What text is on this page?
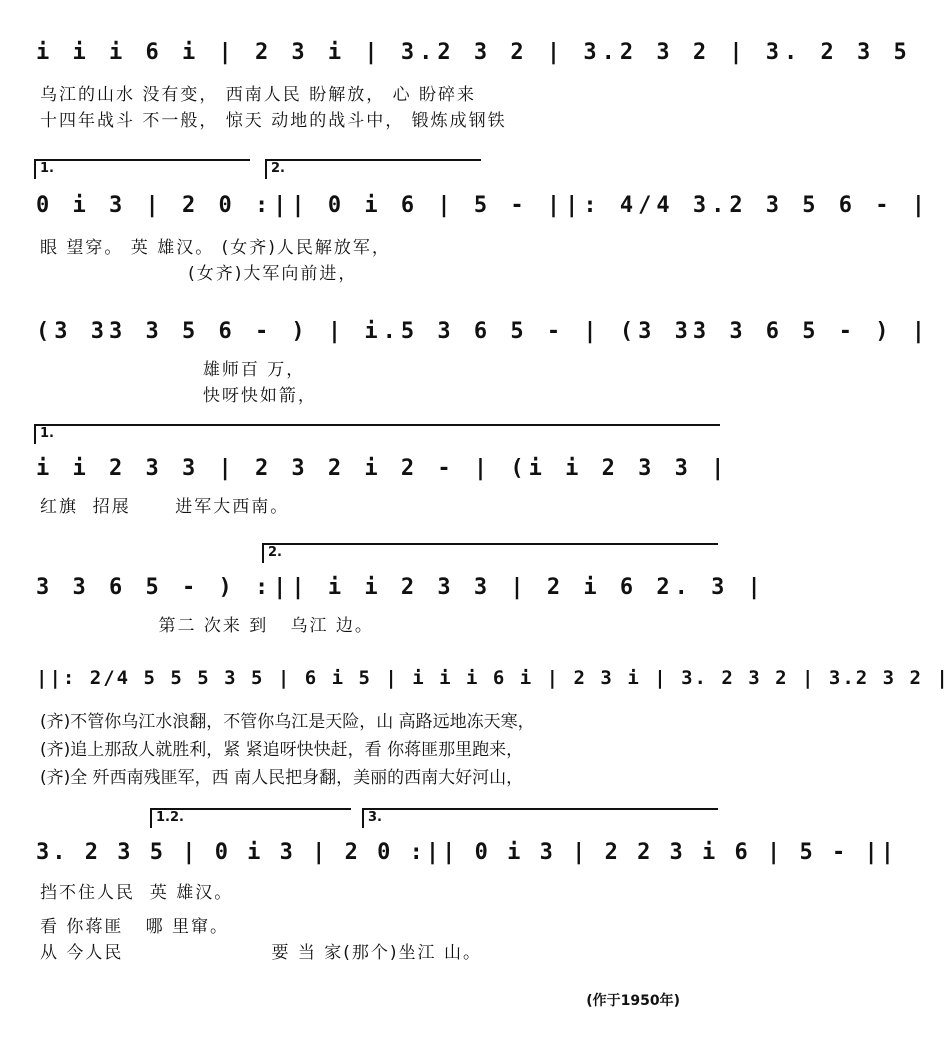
i i i 6 i | 2 3 i | 3.2 3 2 | 3.2 3 2 | 3. 2 3 5
乌江的山水 没有变， 西南人民 盼解放， 心 盼碎来
十四年战斗 不一般， 惊天 动地的战斗中， 锻炼成钢铁
1.	2.
0 i 3 | 2 0 :|| 0 i 6 | 5 - ||: 4/4 3.2 3 5 6 - |
眼 望穿。 英 雄汉。 (女齐)人民解放军，
(女齐)大军向前进，
(3 33 3 5 6 - ) | i.5 3 6 5 - | (3 33 3 6 5 - ) |
雄师百 万，
快呀快如箭，
1.
i i 2 3 3 | 2 3 2 i 2 - | (i i 2 3 3 |
红旗  招展      进军大西南。
2.
3 3 6 5 - ) :|| i i 2 3 3 | 2 i 6 2. 3 |
第二 次来 到   乌江 边。
||: 2/4 5 5 5 3 5 | 6 i 5 | i i i 6 i | 2 3 i | 3. 2 3 2 | 3.2 3 2 |
(齐)不管你乌江水浪翻，不管你乌江是天险，山 高路远地冻天寒，
(齐)追上那敌人就胜利，紧 紧追呀快快赶，看 你蒋匪那里跑来，
(齐)全 歼西南残匪军，西 南人民把身翻，美丽的西南大好河山，
1.2.	3.
3. 2 3 5 | 0 i 3 | 2 0 :|| 0 i 3 | 2 2 3 i 6 | 5 - ||
挡不住人民  英 雄汉。
看 你蒋匪   哪 里窜。
从 今人民                    要 当 家(那个)坐江 山。
(作于1950年)
